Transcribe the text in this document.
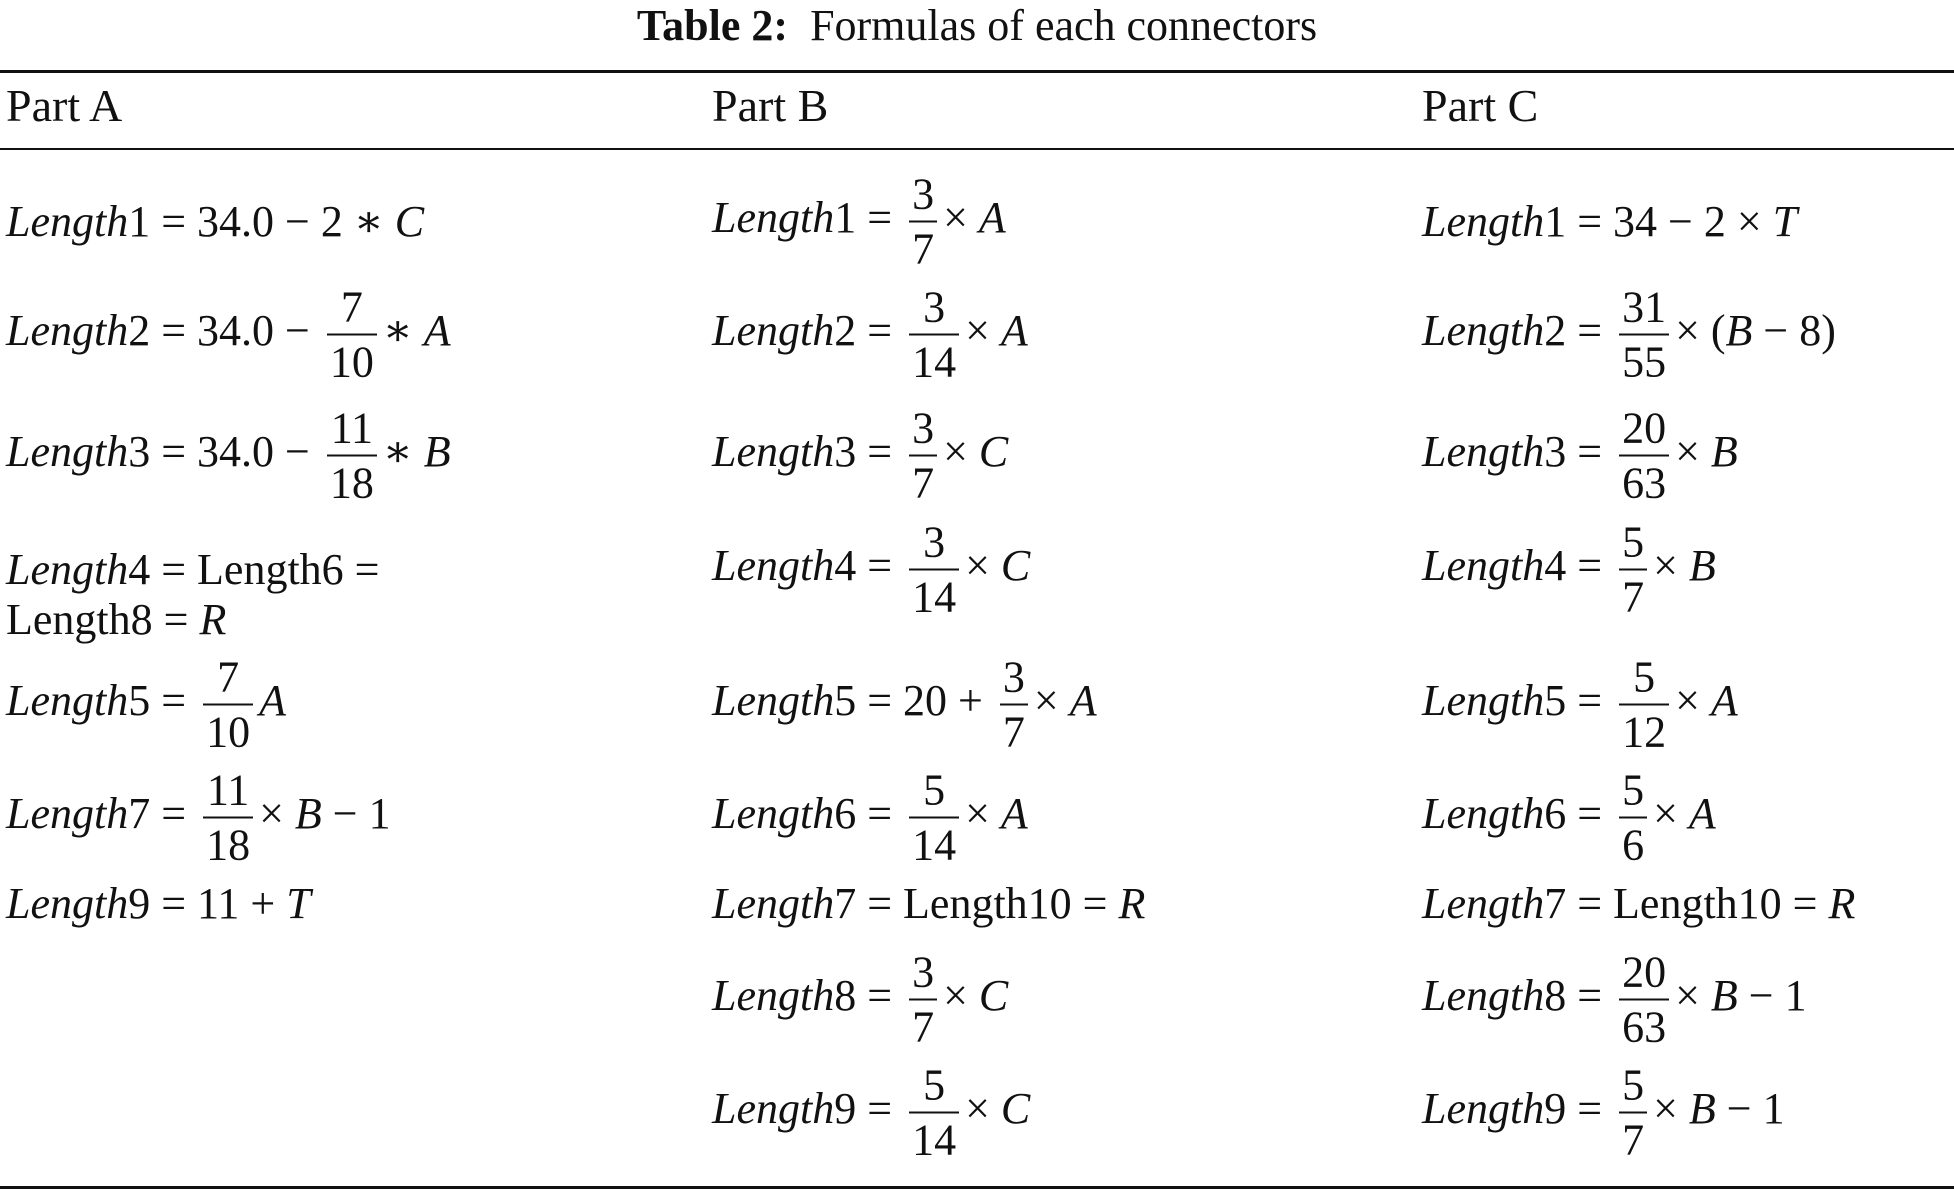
Table 2: Formulas of each connectors
Part A	Part B	Part C
Length1 = 34.0 − 2 ∗ C
Length2 = $34.0 - \frac{7}{10}$ ∗ A
Length3 = $34.0 - \frac{11}{18}$ ∗ B
Length4 = Length6 =
Length8 = R
Length5 = $\frac{7}{10}$ A
Length7 = $\frac{11}{18} \times B - 1$
Length9 = 11 + T
Length1 = $\frac{3}{7} \times A$
Length2 = $\frac{3}{14} \times A$
Length3 = $\frac{3}{7} \times C$
Length4 = $\frac{3}{14} \times C$
Length5 = $20 + \frac{3}{7} \times A$
Length6 = $\frac{5}{14} \times A$
Length7 = Length10 = R
Length8 = $\frac{3}{7} \times C$
Length9 = $\frac{5}{14} \times C$
Length1 = 34 − 2 × T
Length2 = $\frac{31}{55} \times (B - 8)$
Length3 = $\frac{20}{63} \times B$
Length4 = $\frac{5}{7} \times B$
Length5 = $\frac{5}{12} \times A$
Length6 = $\frac{5}{6} \times A$
Length7 = Length10 = R
Length8 = $\frac{20}{63} \times B - 1$
Length9 = $\frac{5}{7} \times B - 1$
